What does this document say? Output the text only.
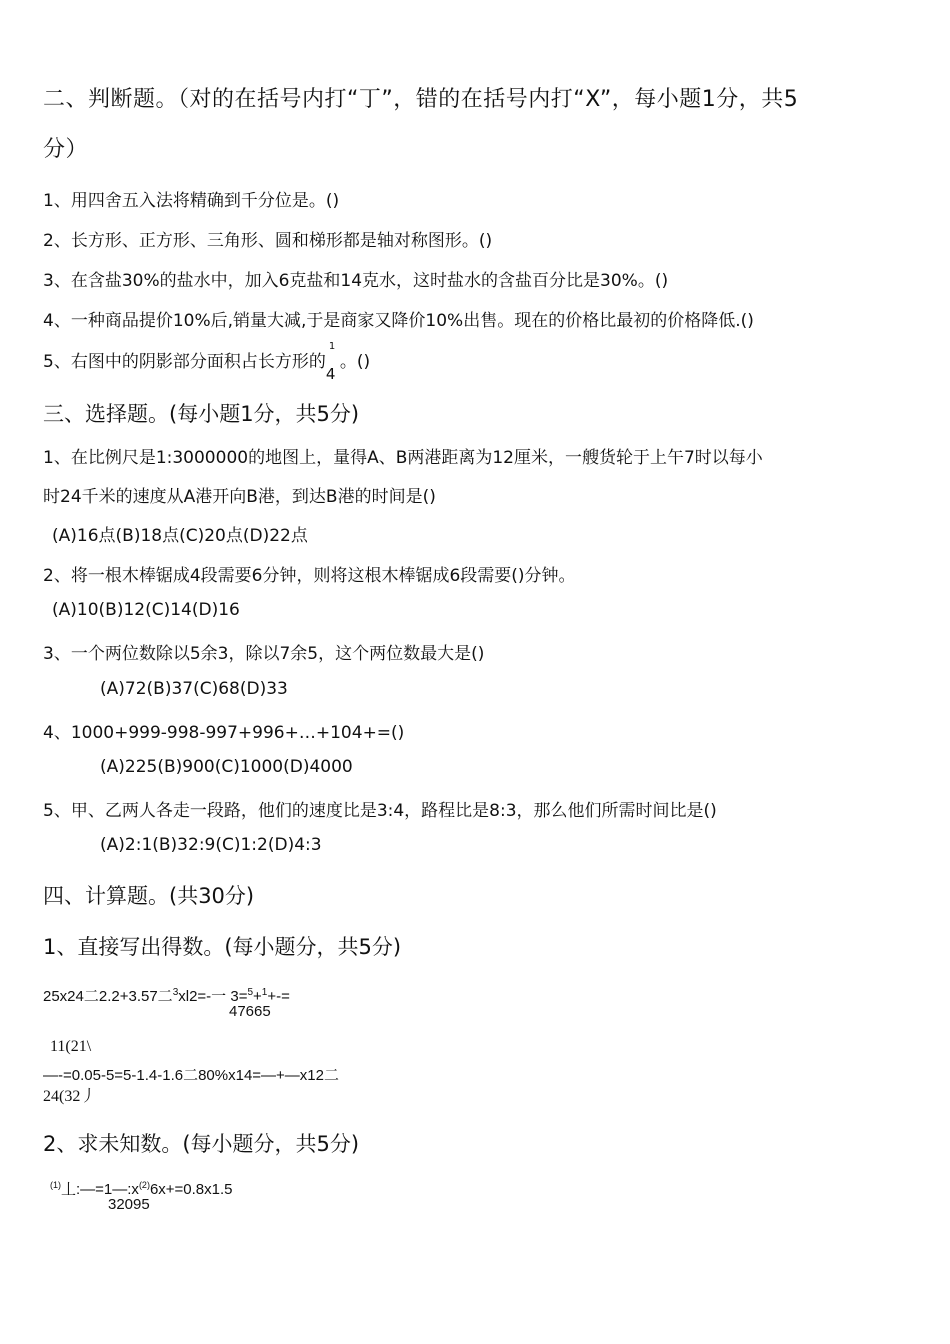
二、判断题。（对的在括号内打“丁”，错的在括号内打“X”，每小题1分，共5
分）
1、用四舍五入法将精确到千分位是。()
2、长方形、正方形、三角形、圆和梯形都是轴对称图形。()
3、在含盐30%的盐水中，加入6克盐和14克水，这时盐水的含盐百分比是30%。()
4、一种商品提价10%后,销量大减,于是商家又降价10%出售。现在的价格比最初的价格降低.()
5、右图中的阴影部分面积占长方形的
1
4
。()
三、选择题。(每小题1分，共5分)
1、在比例尺是1:3000000的地图上，量得A、B两港距离为12厘米，一艘货轮于上午7时以每小
时24千米的速度从A港开向B港，到达B港的时间是()
(A)16点(B)18点(C)20点(D)22点
2、将一根木棒锯成4段需要6分钟，则将这根木棒锯成6段需要()分钟。
(A)10(B)12(C)14(D)16
3、一个两位数除以5余3，除以7余5，这个两位数最大是()
(A)72(B)37(C)68(D)33
4、1000+999-998-997+996+…+104+=()
(A)225(B)900(C)1000(D)4000
5、甲、乙两人各走一段路，他们的速度比是3:4，路程比是8:3，那么他们所需时间比是()
(A)2:1(B)32:9(C)1:2(D)4:3
四、计算题。(共30分)
1、直接写出得数。(每小题分，共5分)
25x24二2.2+3.57二$^3$xl2=-一 3=$^5$+$^1$+-=
47665
11(21\
—-=0.05-5=5-1.4-1.6二80%x14=—+—x12二
24(32丿
2、求未知数。(每小题分，共5分)
$^{(1)}$丄$:—=1—:x^{(2)}6x+=0.8x1.5$
32095
